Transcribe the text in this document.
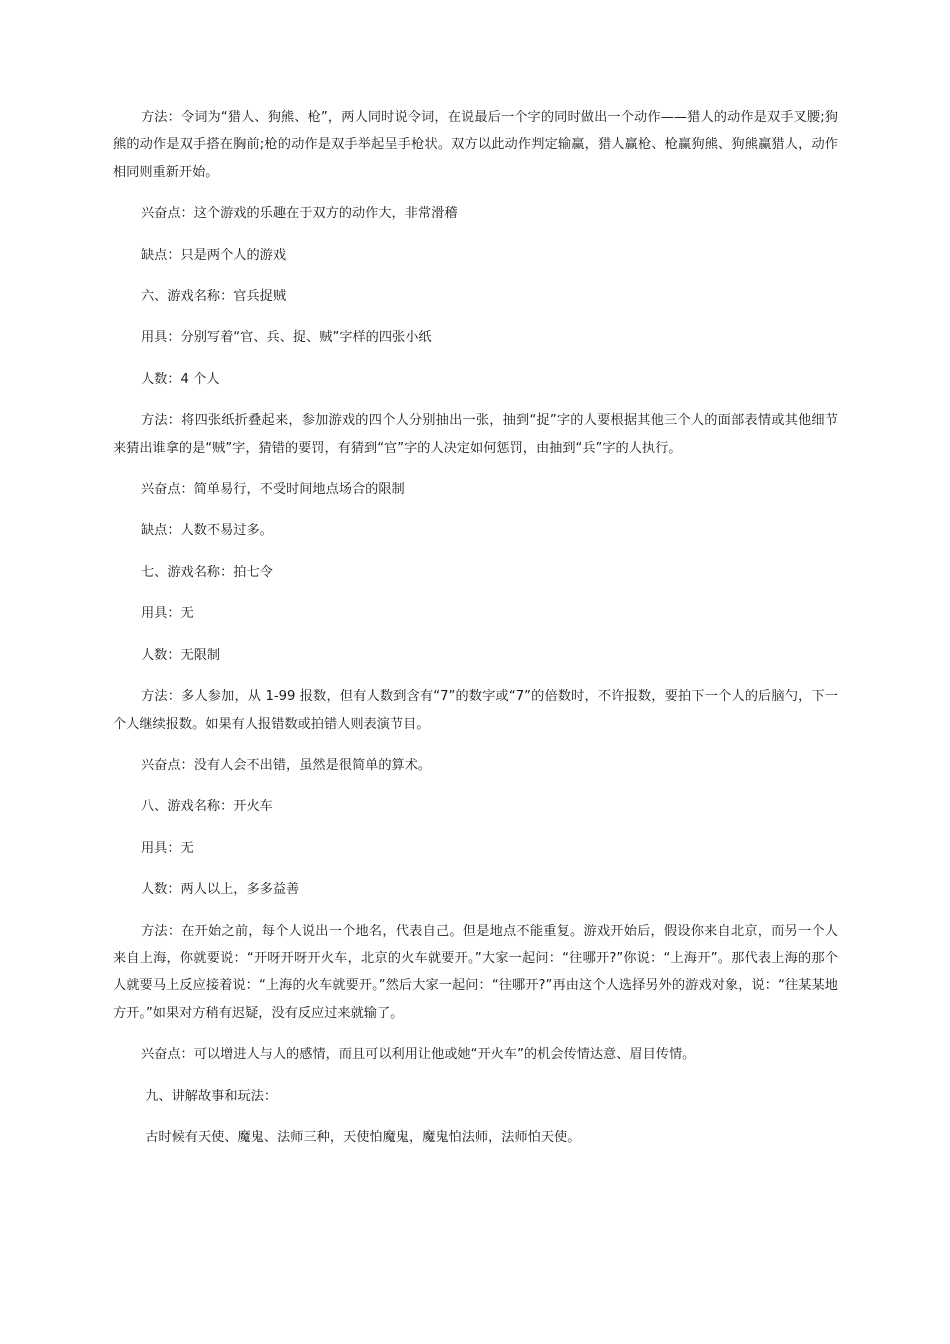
方法：令词为“猎人、狗熊、枪”，两人同时说令词，在说最后一个字的同时做出一个动作——猎人的动作是双手叉腰;狗熊的动作是双手搭在胸前;枪的动作是双手举起呈手枪状。双方以此动作判定输赢，猎人赢枪、枪赢狗熊、狗熊赢猎人，动作相同则重新开始。

兴奋点：这个游戏的乐趣在于双方的动作大，非常滑稽

缺点：只是两个人的游戏

六、游戏名称：官兵捉贼

用具：分别写着“官、兵、捉、贼”字样的四张小纸

人数：4 个人

方法：将四张纸折叠起来，参加游戏的四个人分别抽出一张，抽到“捉”字的人要根据其他三个人的面部表情或其他细节来猜出谁拿的是“贼”字，猜错的要罚，有猜到“官”字的人决定如何惩罚，由抽到“兵”字的人执行。

兴奋点：简单易行，不受时间地点场合的限制

缺点：人数不易过多。

七、游戏名称：拍七令

用具：无

人数：无限制

方法：多人参加，从 1-99 报数，但有人数到含有“7”的数字或“7”的倍数时，不许报数，要拍下一个人的后脑勺，下一个人继续报数。如果有人报错数或拍错人则表演节目。

兴奋点：没有人会不出错，虽然是很简单的算术。

八、游戏名称：开火车

用具：无

人数：两人以上，多多益善

方法：在开始之前，每个人说出一个地名，代表自己。但是地点不能重复。游戏开始后，假设你来自北京，而另一个人来自上海，你就要说：“开呀开呀开火车，北京的火车就要开。”大家一起问：“往哪开?”你说：“上海开”。那代表上海的那个人就要马上反应接着说：“上海的火车就要开。”然后大家一起问：“往哪开?”再由这个人选择另外的游戏对象，说：“往某某地方开。”如果对方稍有迟疑，没有反应过来就输了。

兴奋点：可以增进人与人的感情，而且可以利用让他或她“开火车”的机会传情达意、眉目传情。

九、讲解故事和玩法：

古时候有天使、魔鬼、法师三种，天使怕魔鬼，魔鬼怕法师，法师怕天使。
